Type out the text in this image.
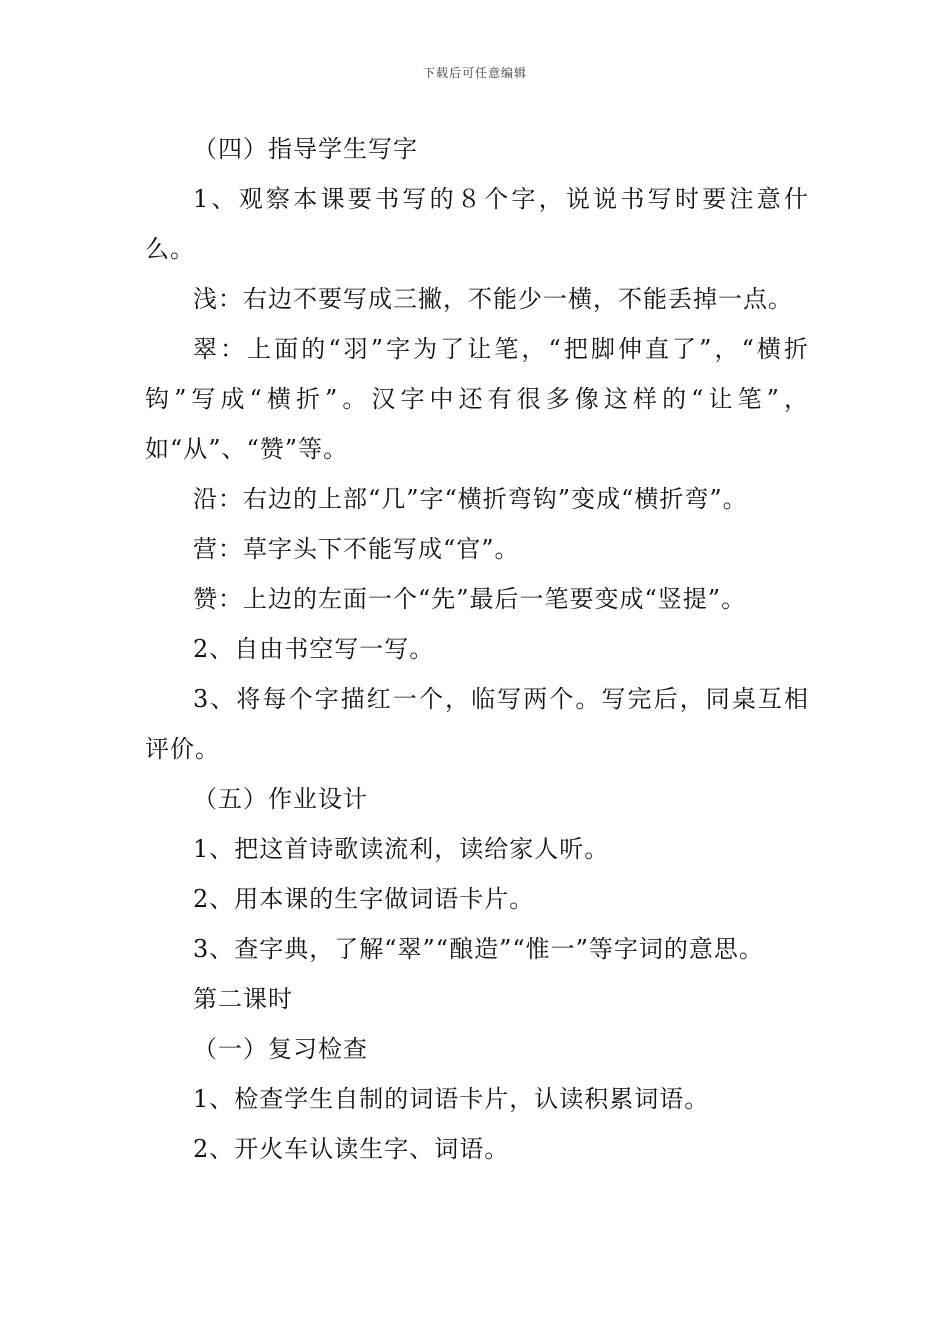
下载后可任意编辑

（四）指导学生写字

1、观察本课要书写的８个字，说说书写时要注意什么。

浅：右边不要写成三撇，不能少一横，不能丢掉一点。

翠：上面的“羽”字为了让笔，“把脚伸直了”，“横折钩”写成“横折”。汉字中还有很多像这样的“让笔”，如“从”、“赞”等。

沿：右边的上部“几”字“横折弯钩”变成“横折弯”。

营：草字头下不能写成“官”。

赞：上边的左面一个“先”最后一笔要变成“竖提”。

2、自由书空写一写。

3、将每个字描红一个，临写两个。写完后，同桌互相评价。

（五）作业设计

1、把这首诗歌读流利，读给家人听。

2、用本课的生字做词语卡片。

3、查字典，了解“翠”“酿造”“惟一”等字词的意思。

第二课时

（一）复习检查

1、检查学生自制的词语卡片，认读积累词语。

2、开火车认读生字、词语。
